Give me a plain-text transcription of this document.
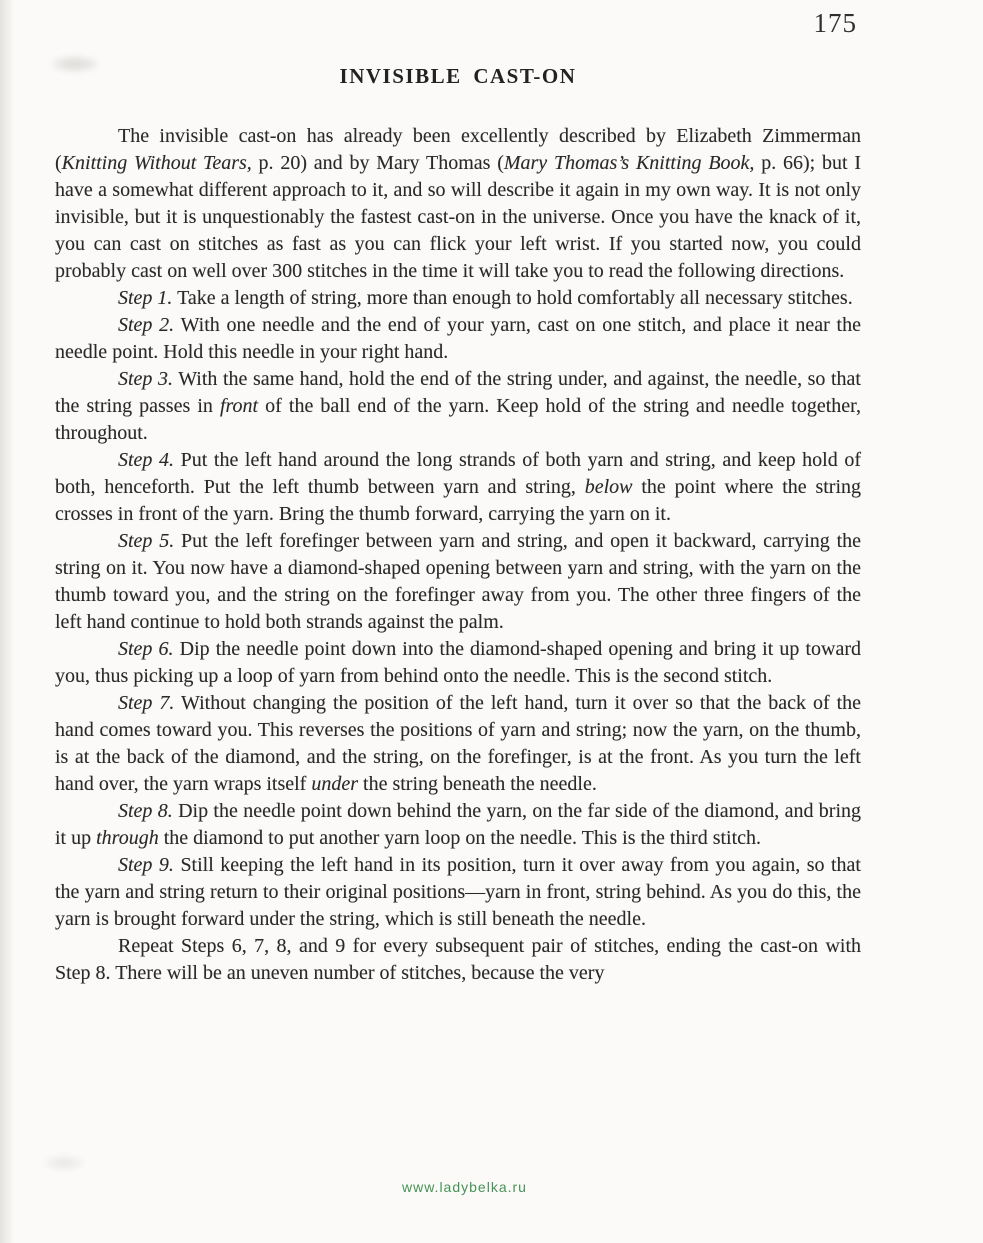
175
INVISIBLE CAST-ON

The invisible cast-on has already been excellently described by Elizabeth Zimmerman (Knitting Without Tears, p. 20) and by Mary Thomas (Mary Thomas’s Knitting Book, p. 66); but I have a somewhat different approach to it, and so will describe it again in my own way. It is not only invisible, but it is unquestionably the fastest cast-on in the universe. Once you have the knack of it, you can cast on stitches as fast as you can flick your left wrist. If you started now, you could probably cast on well over 300 stitches in the time it will take you to read the following directions.

Step 1. Take a length of string, more than enough to hold comfortably all necessary stitches.

Step 2. With one needle and the end of your yarn, cast on one stitch, and place it near the needle point. Hold this needle in your right hand.

Step 3. With the same hand, hold the end of the string under, and against, the needle, so that the string passes in front of the ball end of the yarn. Keep hold of the string and needle together, throughout.

Step 4. Put the left hand around the long strands of both yarn and string, and keep hold of both, henceforth. Put the left thumb between yarn and string, below the point where the string crosses in front of the yarn. Bring the thumb forward, carrying the yarn on it.

Step 5. Put the left forefinger between yarn and string, and open it backward, carrying the string on it. You now have a diamond-shaped opening between yarn and string, with the yarn on the thumb toward you, and the string on the forefinger away from you. The other three fingers of the left hand continue to hold both strands against the palm.

Step 6. Dip the needle point down into the diamond-shaped opening and bring it up toward you, thus picking up a loop of yarn from behind onto the needle. This is the second stitch.

Step 7. Without changing the position of the left hand, turn it over so that the back of the hand comes toward you. This reverses the positions of yarn and string; now the yarn, on the thumb, is at the back of the diamond, and the string, on the forefinger, is at the front. As you turn the left hand over, the yarn wraps itself under the string beneath the needle.

Step 8. Dip the needle point down behind the yarn, on the far side of the diamond, and bring it up through the diamond to put another yarn loop on the needle. This is the third stitch.

Step 9. Still keeping the left hand in its position, turn it over away from you again, so that the yarn and string return to their original positions—yarn in front, string behind. As you do this, the yarn is brought forward under the string, which is still beneath the needle.

Repeat Steps 6, 7, 8, and 9 for every subsequent pair of stitches, ending the cast-on with Step 8. There will be an uneven number of stitches, because the very

www.ladybelka.ru
